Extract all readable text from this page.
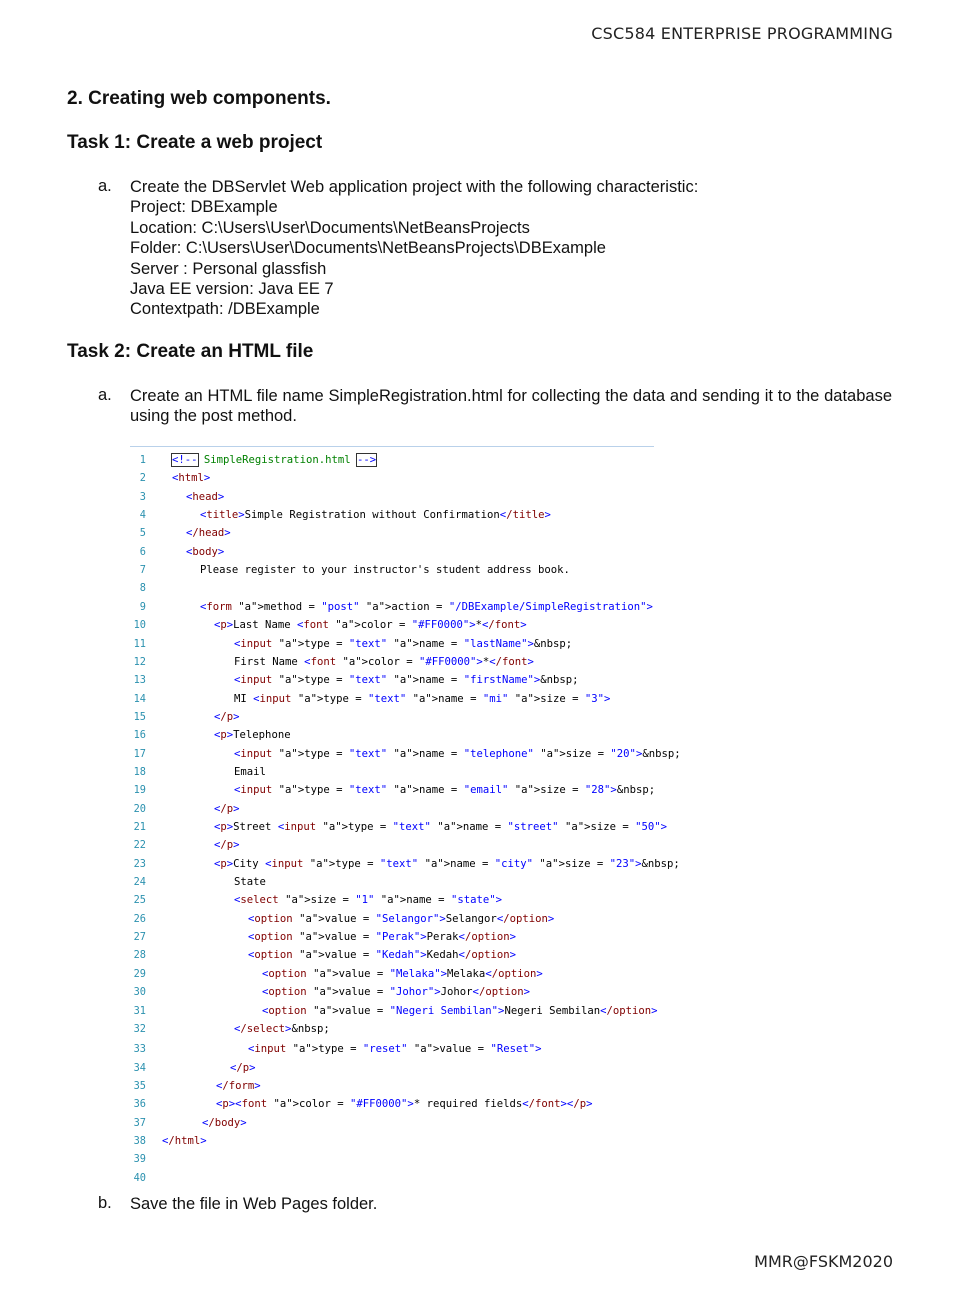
CSC584 ENTERPRISE PROGRAMMING
2. Creating web components.
Task 1: Create a web project
a. Create the DBServlet Web application project with the following characteristic:
Project: DBExample
Location: C:\Users\User\Documents\NetBeansProjects
Folder: C:\Users\User\Documents\NetBeansProjects\DBExample
Server : Personal glassfish
Java EE version: Java EE 7
Contextpath: /DBExample
Task 2: Create an HTML file
a. Create an HTML file name SimpleRegistration.html for collecting the data and sending it to the database using the post method.
1 <!-- SimpleRegistration.html -->
2 <html>
3	<head>
4	<title>Simple Registration without Confirmation</title>
5	</head>
6	<body>
7	Please register to your instructor's student address book.
8
9	<form "a">method = "post" "a">action = "/DBExample/SimpleRegistration">
10	<p>Last Name <font "a">color = "#FF0000">*</font>
11	<input "a">type = "text" "a">name = "lastName">&nbsp;
12	First Name <font "a">color = "#FF0000">*</font>
13	<input "a">type = "text" "a">name = "firstName">&nbsp;
14	MI <input "a">type = "text" "a">name = "mi" "a">size = "3">
15	</p>
16	<p>Telephone
17	<input "a">type = "text" "a">name = "telephone" "a">size = "20">&nbsp;
18	Email
19	<input "a">type = "text" "a">name = "email" "a">size = "28">&nbsp;
20	</p>
21	<p>Street <input "a">type = "text" "a">name = "street" "a">size = "50">
22	</p>
23	<p>City <input "a">type = "text" "a">name = "city" "a">size = "23">&nbsp;
24	State
25	<select "a">size = "1" "a">name = "state">
26	<option "a">value = "Selangor">Selangor</option>
27	<option "a">value = "Perak">Perak</option>
28	<option "a">value = "Kedah">Kedah</option>
29	<option "a">value = "Melaka">Melaka</option>
30	<option "a">value = "Johor">Johor</option>
31	<option "a">value = "Negeri Sembilan">Negeri Sembilan</option>
32	</select>&nbsp;
33	<input "a">type = "reset" "a">value = "Reset">
34	</p>
35	</form>
36	<p><font "a">color = "#FF0000">* required fields</font></p>
37	</body>
38 </html>
39
40
b. Save the file in Web Pages folder.
MMR@FSKM2020
